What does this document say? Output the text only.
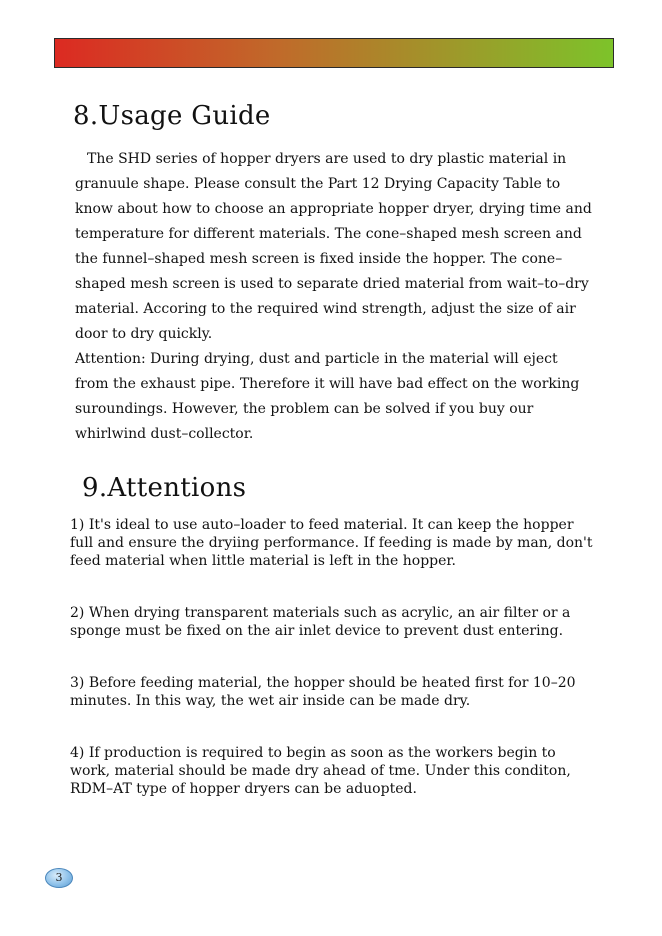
8.Usage Guide

The SHD series of hopper dryers are used to dry plastic material in granuule shape. Please consult the Part 12 Drying Capacity Table to know about how to choose an appropriate hopper dryer, drying time and temperature for different materials. The cone–shaped mesh screen and the funnel–shaped mesh screen is fixed inside the hopper. The cone–shaped mesh screen is used to separate dried material from wait–to–dry material. Accoring to the required wind strength, adjust the size of air door to dry quickly.

Attention: During drying, dust and particle in the material will eject from the exhaust pipe. Therefore it will have bad effect on the working suroundings. However, the problem can be solved if you buy our whirlwind dust–collector.

9.Attentions

1) It's ideal to use auto–loader to feed material. It can keep the hopper full and ensure the dryiing performance. If feeding is made by man, don't feed material when little material is left in the hopper.

2) When drying transparent materials such as acrylic, an air filter or a sponge must be fixed on the air inlet device to prevent dust entering.

3) Before feeding material, the hopper should be heated first for 10–20 minutes. In this way, the wet air inside can be made dry.

4) If production is required to begin as soon as the workers begin to work, material should be made dry ahead of tme. Under this conditon, RDM–AT type of hopper dryers can be aduopted.

3
